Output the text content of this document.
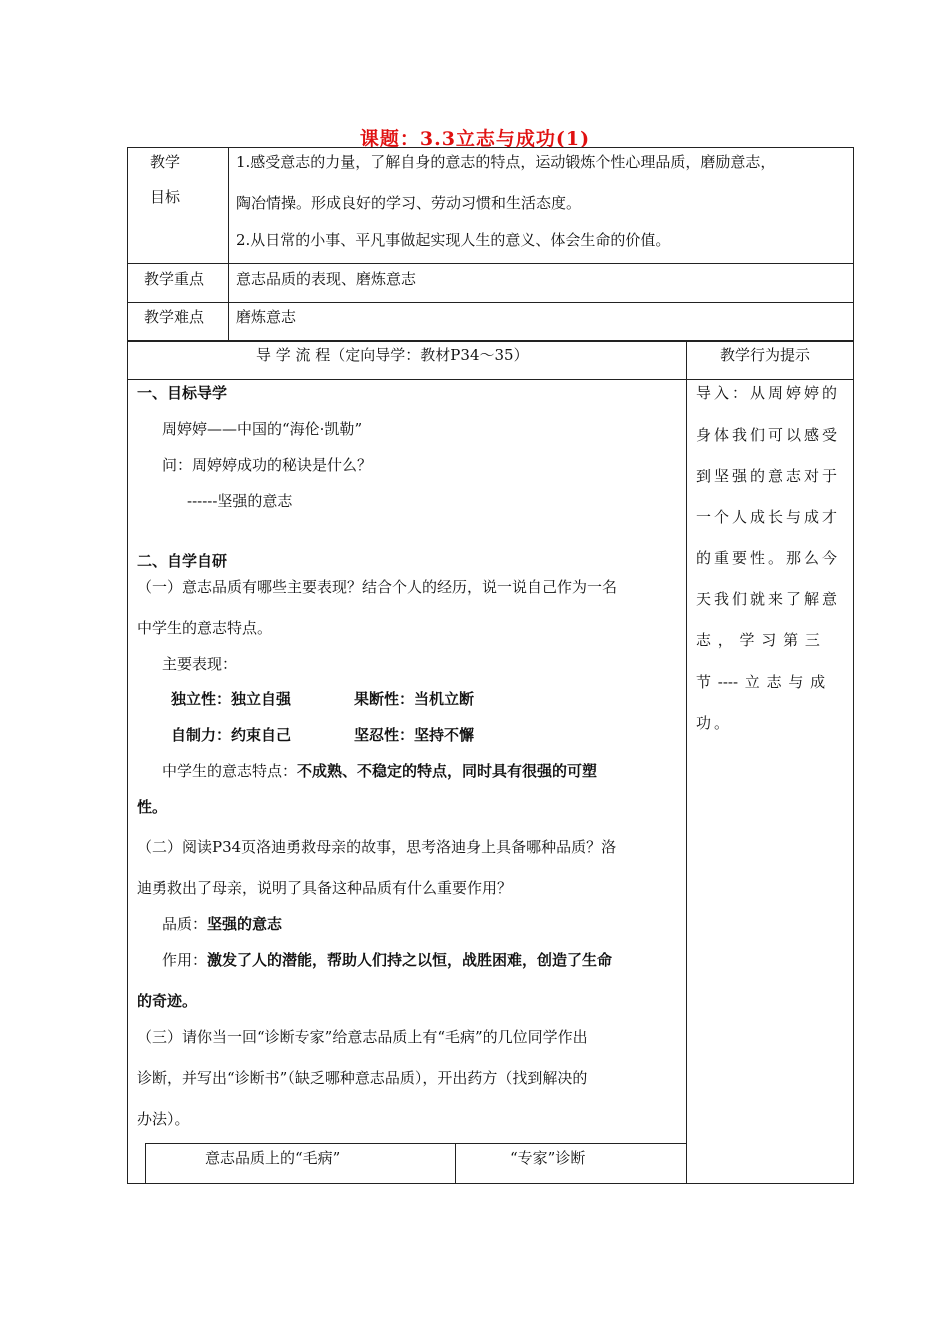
课题：3.3立志与成功(1)
教学
目标
1.感受意志的力量，了解自身的意志的特点，运动锻炼个性心理品质，磨励意志，
陶冶情操。形成良好的学习、劳动习惯和生活态度。
2.从日常的小事、平凡事做起实现人生的意义、体会生命的价值。
教学重点 意志品质的表现、磨炼意志
教学难点 磨炼意志
导 学 流 程（定向导学：教材P34～35）	教学行为提示
一、目标导学
周婷婷——中国的“海伦·凯勒”
问：周婷婷成功的秘诀是什么？
------坚强的意志
二、自学自研
（一）意志品质有哪些主要表现？结合个人的经历，说一说自己作为一名
中学生的意志特点。
主要表现：
独立性：独立自强	果断性：当机立断
自制力：约束自己	坚忍性：坚持不懈
中学生的意志特点：不成熟、不稳定的特点，同时具有很强的可塑
性。
（二）阅读P34页洛迪勇救母亲的故事，思考洛迪身上具备哪种品质？洛
迪勇救出了母亲，说明了具备这种品质有什么重要作用？
品质：坚强的意志
作用：激发了人的潜能，帮助人们持之以恒，战胜困难，创造了生命
的奇迹。
（三）请你当一回“诊断专家”给意志品质上有“毛病”的几位同学作出
诊断，并写出“诊断书”（缺乏哪种意志品质），开出药方（找到解决的
办法）。
意志品质上的“毛病”	“专家”诊断
导入：从周婷婷的
身体我们可以感受
到坚强的意志对于
一个人成长与成才
的重要性。那么今
天我们就来了解意
志 ， 学 习 第 三
节 ---- 立 志 与 成
功。
